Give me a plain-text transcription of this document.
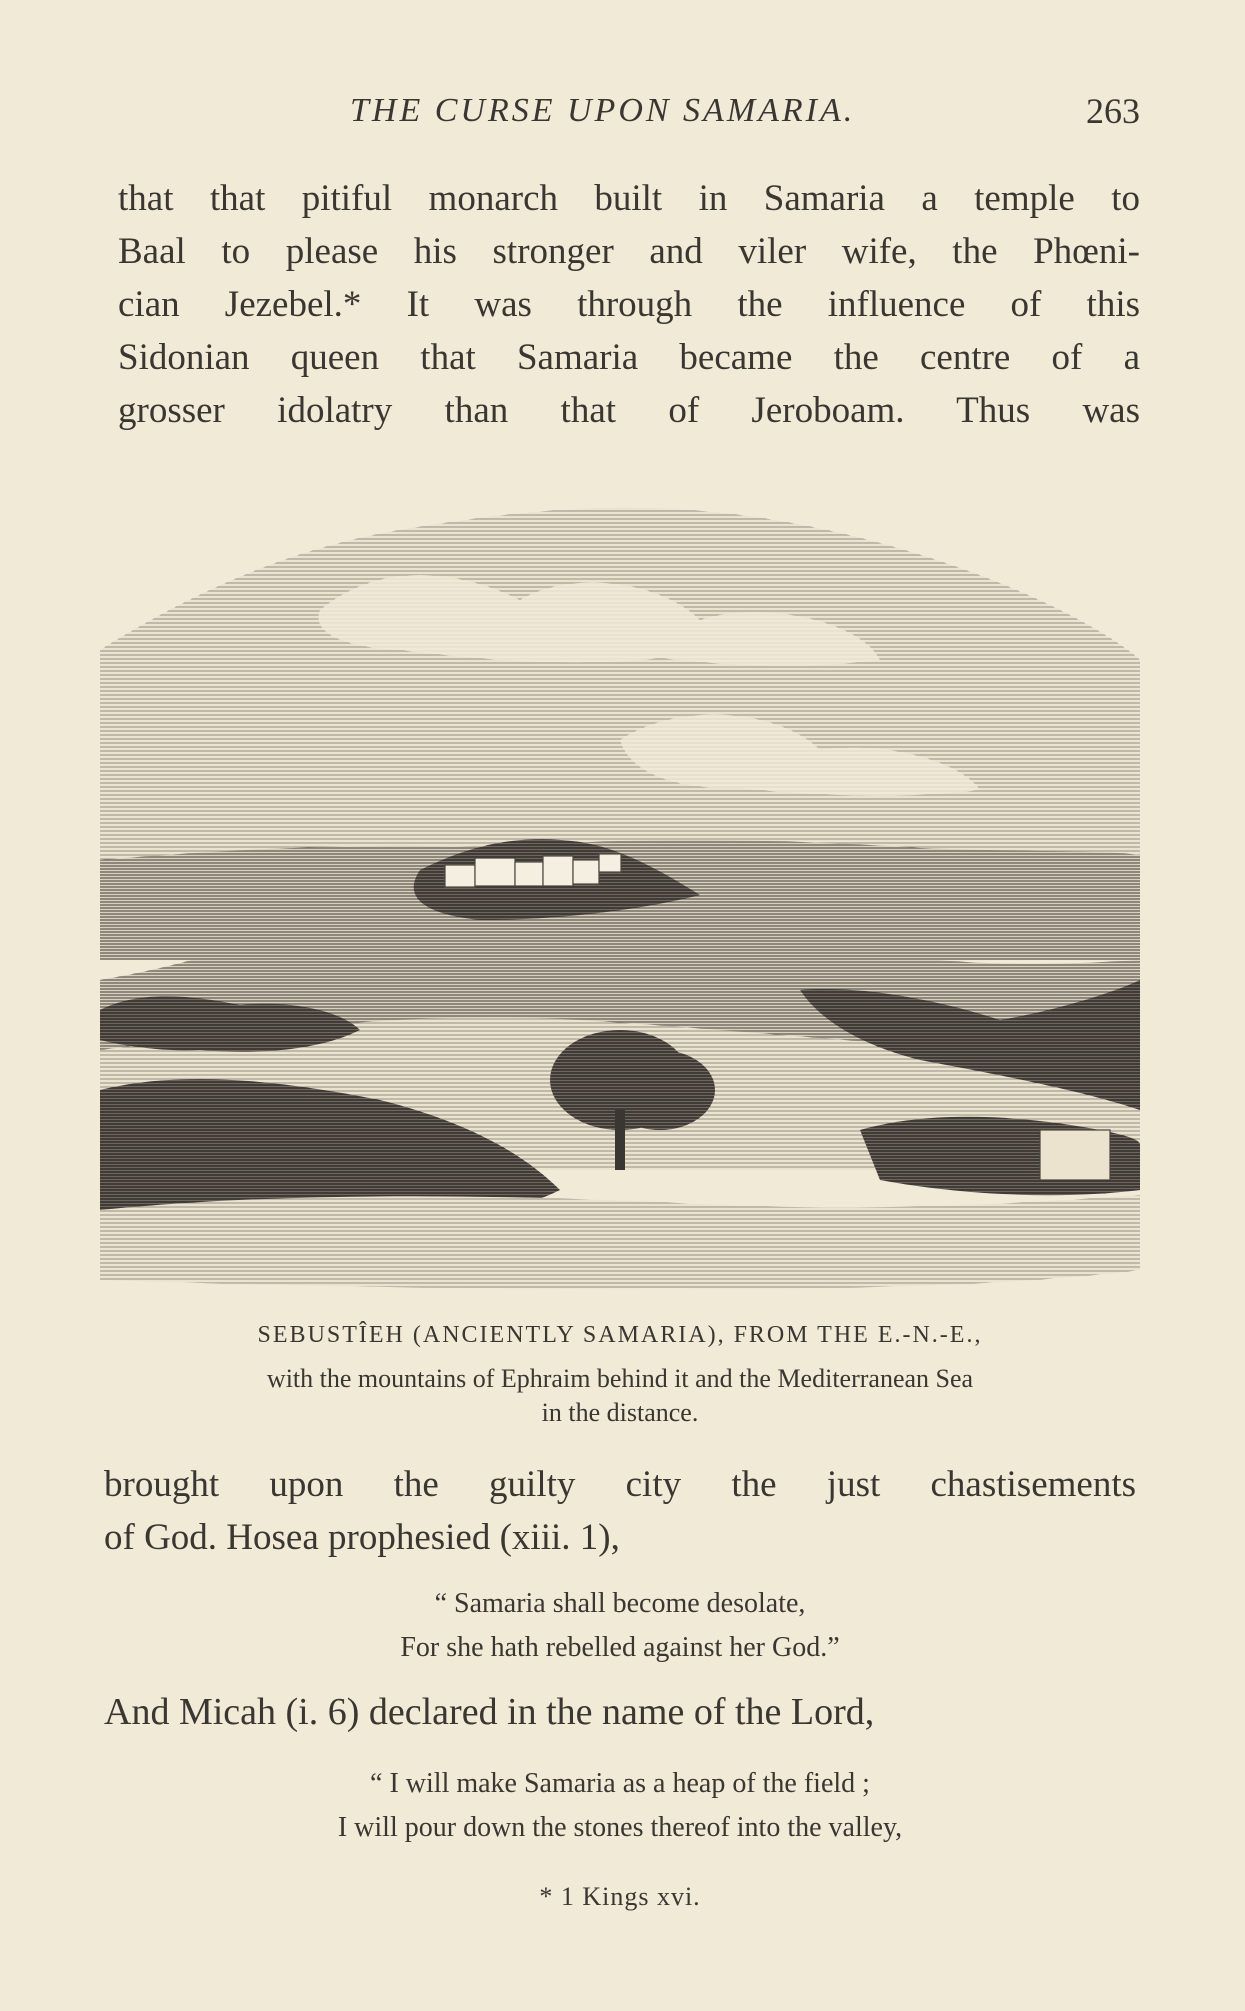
THE CURSE UPON SAMARIA.	263
that that pitiful monarch built in Samaria a temple to
Baal to please his stronger and viler wife, the Phœni-
cian Jezebel.* It was through the influence of this
Sidonian queen that Samaria became the centre of a
grosser idolatry than that of Jeroboam. Thus was
SEBUSTÎEH (ANCIENTLY SAMARIA), FROM THE E.-N.-E.,
with the mountains of Ephraim behind it and the Mediterranean Sea
in the distance.
brought upon the guilty city the just chastisements
of God. Hosea prophesied (xiii. 1),
“ Samaria shall become desolate,
For she hath rebelled against her God.”
And Micah (i. 6) declared in the name of the Lord,
“ I will make Samaria as a heap of the field ;
I will pour down the stones thereof into the valley,
* 1 Kings xvi.
